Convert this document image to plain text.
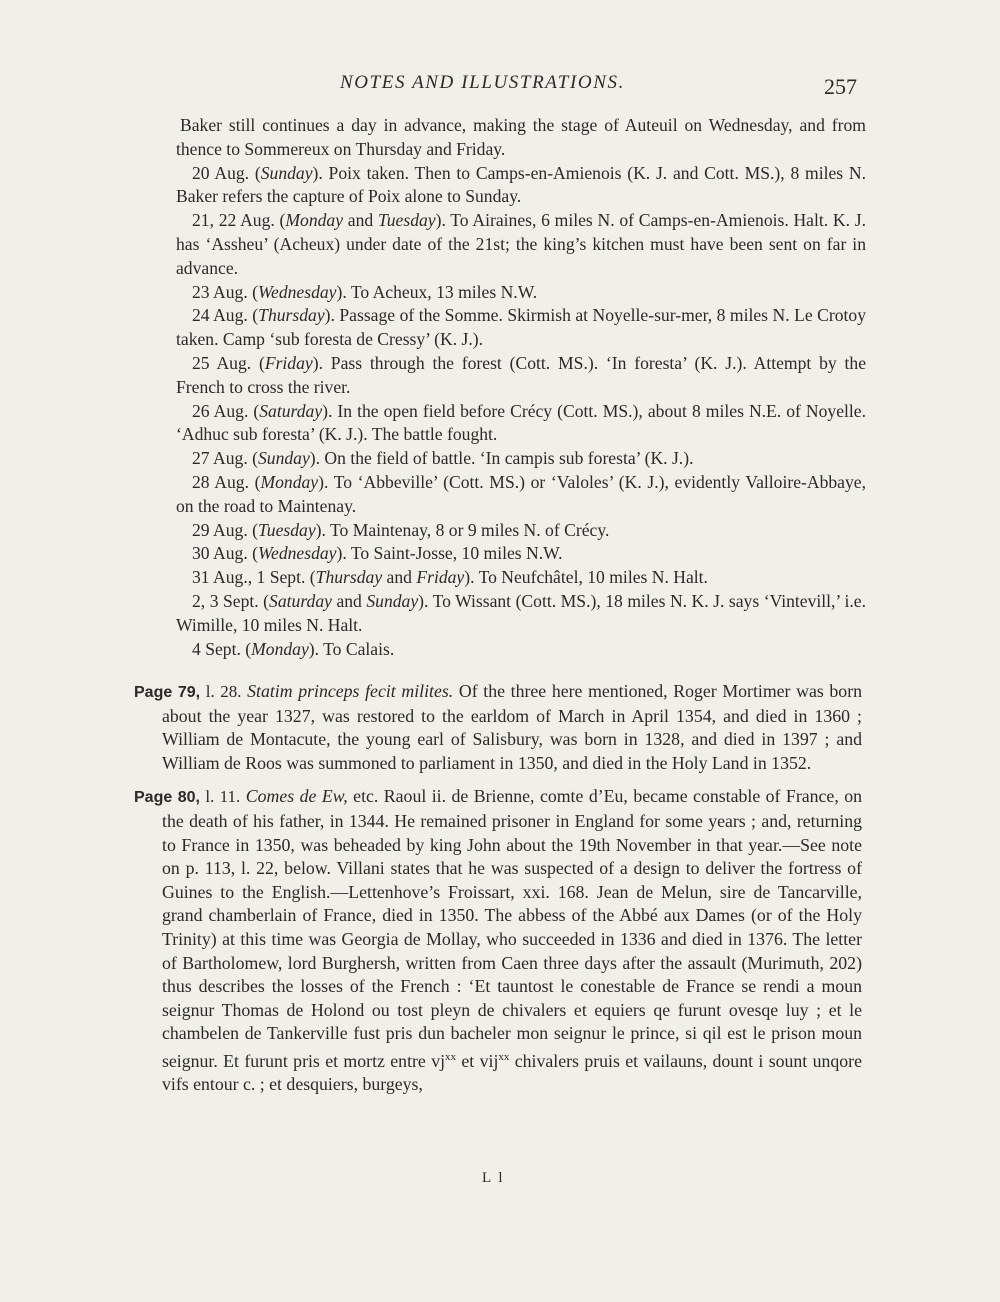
NOTES AND ILLUSTRATIONS.	257

Baker still continues a day in advance, making the stage of Auteuil on Wednesday, and from thence to Sommereux on Thursday and Friday.

20 Aug. (Sunday). Poix taken. Then to Camps-en-Amienois (K. J. and Cott. MS.), 8 miles N. Baker refers the capture of Poix alone to Sunday.

21, 22 Aug. (Monday and Tuesday). To Airaines, 6 miles N. of Camps-en-Amienois. Halt. K. J. has ‘Assheu’ (Acheux) under date of the 21st; the king’s kitchen must have been sent on far in advance.

23 Aug. (Wednesday). To Acheux, 13 miles N.W.

24 Aug. (Thursday). Passage of the Somme. Skirmish at Noyelle-sur-mer, 8 miles N. Le Crotoy taken. Camp ‘sub foresta de Cressy’ (K. J.).

25 Aug. (Friday). Pass through the forest (Cott. MS.). ‘In foresta’ (K. J.). Attempt by the French to cross the river.

26 Aug. (Saturday). In the open field before Crécy (Cott. MS.), about 8 miles N.E. of Noyelle. ‘Adhuc sub foresta’ (K. J.). The battle fought.

27 Aug. (Sunday). On the field of battle. ‘In campis sub foresta’ (K. J.).

28 Aug. (Monday). To ‘Abbeville’ (Cott. MS.) or ‘Valoles’ (K. J.), evidently Valloire-Abbaye, on the road to Maintenay.

29 Aug. (Tuesday). To Maintenay, 8 or 9 miles N. of Crécy.

30 Aug. (Wednesday). To Saint-Josse, 10 miles N.W.

31 Aug., 1 Sept. (Thursday and Friday). To Neufchâtel, 10 miles N. Halt.

2, 3 Sept. (Saturday and Sunday). To Wissant (Cott. MS.), 18 miles N. K. J. says ‘Vintevill,’ i.e. Wimille, 10 miles N. Halt.

4 Sept. (Monday). To Calais.

Page 79, l. 28. Statim princeps fecit milites. Of the three here mentioned, Roger Mortimer was born about the year 1327, was restored to the earldom of March in April 1354, and died in 1360 ; William de Montacute, the young earl of Salisbury, was born in 1328, and died in 1397 ; and William de Roos was summoned to parliament in 1350, and died in the Holy Land in 1352.

Page 80, l. 11. Comes de Ew, etc. Raoul ii. de Brienne, comte d’Eu, became constable of France, on the death of his father, in 1344. He remained prisoner in England for some years ; and, returning to France in 1350, was beheaded by king John about the 19th November in that year.—See note on p. 113, l. 22, below. Villani states that he was suspected of a design to deliver the fortress of Guines to the English.—Lettenhove’s Froissart, xxi. 168. Jean de Melun, sire de Tancarville, grand chamberlain of France, died in 1350. The abbess of the Abbé aux Dames (or of the Holy Trinity) at this time was Georgia de Mollay, who succeeded in 1336 and died in 1376. The letter of Bartholomew, lord Burghersh, written from Caen three days after the assault (Murimuth, 202) thus describes the losses of the French : ‘Et tauntost le conestable de France se rendi a moun seignur Thomas de Holond ou tost pleyn de chivalers et equiers qe furunt ovesqe luy ; et le chambelen de Tankerville fust pris dun bacheler mon seignur le prince, si qil est le prison moun seignur. Et furunt pris et mortz entre $vj^{xx}$ et vij$^{xx}$ chivalers pruis et vailauns, dount i sount unqore vifs entour c. ; et desquiers, burgeys,

L l
